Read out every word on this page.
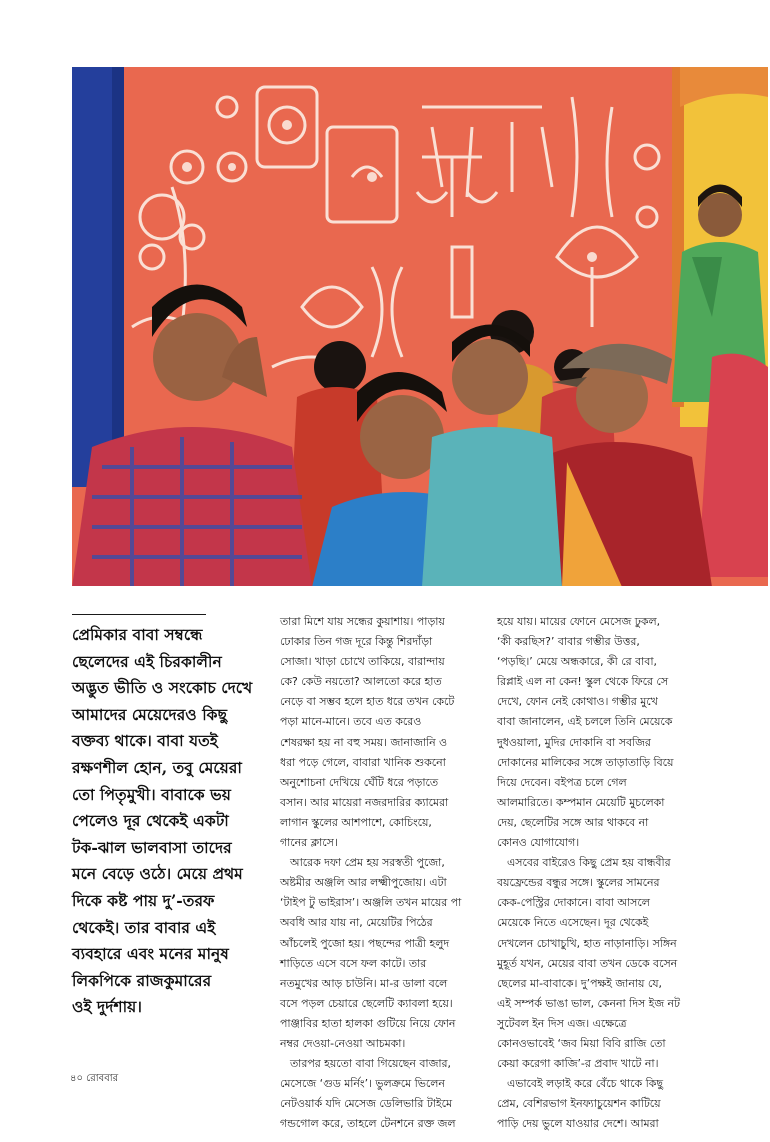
প্রেমিকার বাবা সম্বন্ধে

ছেলেদের এই চিরকালীন

অদ্ভুত ভীতি ও সংকোচ দেখে

আমাদের মেয়েদেরও কিছু

বক্তব্য থাকে। বাবা যতই

রক্ষণশীল হোন, তবু মেয়েরা

তো পিতৃমুখী। বাবাকে ভয়

পেলেও দূর থেকেই একটা

টক-ঝাল ভালবাসা তাদের

মনে বেড়ে ওঠে। মেয়ে প্রথম

দিকে কষ্ট পায় দু’-তরফ

থেকেই। তার বাবার এই

ব্যবহারে এবং মনের মানুষ

লিকপিকে রাজকুমারের

ওই দুর্দশায়।

তারা মিশে যায় সন্ধের কুয়াশায়। পাড়ায়

ঢোকার তিন গজ দূরে কিন্তু শিরদাঁড়া

সোজা। খাড়া চোখে তাকিয়ে, বারান্দায়

কে? কেউ নয়তো? আলতো করে হাত

নেড়ে বা সম্ভব হলে হাত ধরে তখন কেটে

পড়া মানে-মানে। তবে এত করেও

শেষরক্ষা হয় না বহু সময়। জানাজানি ও

ধরা পড়ে গেলে, বাবারা খানিক শুকনো

অনুশোচনা দেখিয়ে ঘেঁটি ধরে পড়াতে

বসান। আর মায়েরা নজরদারির ক্যামেরা

লাগান স্কুলের আশপাশে, কোচিংয়ে,

গানের ক্লাসে।

আরেক দফা প্রেম হয় সরস্বতী পুজো,

অষ্টমীর অঞ্জলি আর লক্ষ্মীপুজোয়। এটা

‘টাইপ টু ভাইরাস’। অঞ্জলি তখন মায়ের পা

অবধি আর যায় না, মেয়েটির পিঠের

আঁচলেই পুজো হয়। পছন্দের পাত্রী হলুদ

শাড়িতে এসে বসে ফল কাটে। তার

নতমুখের আড় চাউনি। মা-র ডালা বলে

বসে পড়ল চেয়ারে ছেলেটি ক্যাবলা হয়ে।

পাঞ্জাবির হাতা হালকা গুটিয়ে নিয়ে ফোন

নম্বর দেওয়া-নেওয়া আচমকা।

তারপর হয়তো বাবা গিয়েছেন বাজার,

মেসেজে ‘গুড মর্নিং’। ভুলক্রমে ভিলেন

নেটওয়ার্ক যদি মেসেজ ডেলিভারি টাইমে

গন্ডগোল করে, তাহলে টেনশনে রক্ত জল

হয়ে যায়। মায়ের ফোনে মেসেজ ঢুকল,

‘কী করছিস?’ বাবার গম্ভীর উত্তর,

‘পড়ছি।’ মেয়ে অন্ধকারে, কী রে বাবা,

রিপ্লাই এল না কেন! স্কুল থেকে ফিরে সে

দেখে, ফোন নেই কোথাও। গম্ভীর মুখে

বাবা জানালেন, এই চললে তিনি মেয়েকে

দুধওয়ালা, মুদির দোকানি বা সবজির

দোকানের মালিকের সঙ্গে তাড়াতাড়ি বিয়ে

দিয়ে দেবেন। বইপত্র চলে গেল

আলমারিতে। কম্পমান মেয়েটি মুচলেকা

দেয়, ছেলেটির সঙ্গে আর থাকবে না

কোনও যোগাযোগ।

এসবের বাইরেও কিছু প্রেম হয় বান্ধবীর

বয়ফ্রেন্ডের বন্ধুর সঙ্গে। স্কুলের সামনের

কেক-পেস্ট্রির দোকানে। বাবা আসলে

মেয়েকে নিতে এসেছেন। দূর থেকেই

দেখলেন চোখাচুখি, হাত নাড়ানাড়ি। সঙ্গিন

মুহূর্ত যখন, মেয়ের বাবা তখন ডেকে বসেন

ছেলের মা-বাবাকে। দু’পক্ষই জানায় যে,

এই সম্পর্ক ভাঙা ভাল, কেননা দিস ইজ নট

সুটেবল ইন দিস এজ। এক্ষেত্রে

কোনওভাবেই ‘জব মিয়া বিবি রাজি তো

কেয়া করেগা কাজি’-র প্রবাদ খাটে না।

এভাবেই লড়াই করে বেঁচে থাকে কিছু

প্রেম, বেশিরভাগ ইনফ্যাচুয়েশন কাটিয়ে

পাড়ি দেয় ভুলে যাওয়ার দেশে। আমরা

৪০ রোববার
